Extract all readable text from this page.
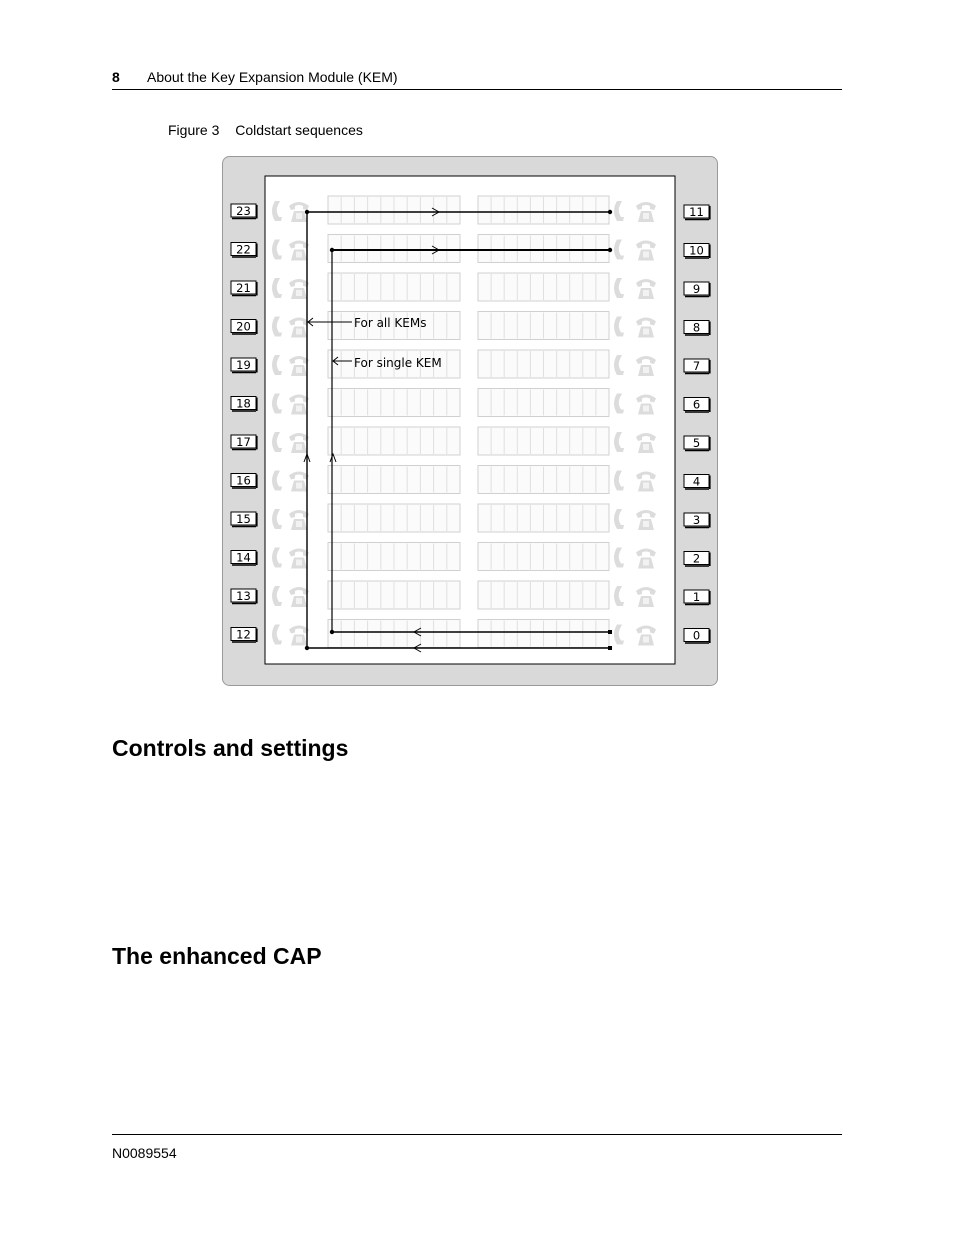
8 About the Key Expansion Module (KEM)
Figure 3 Coldstart sequences
23
22
21
20
19
18
17
16
15
14
13
12
11
10
9
8
7
6
5
4
3
2
1
0
For all KEMs
For single KEM
Controls and settings
The enhanced CAP
N0089554
